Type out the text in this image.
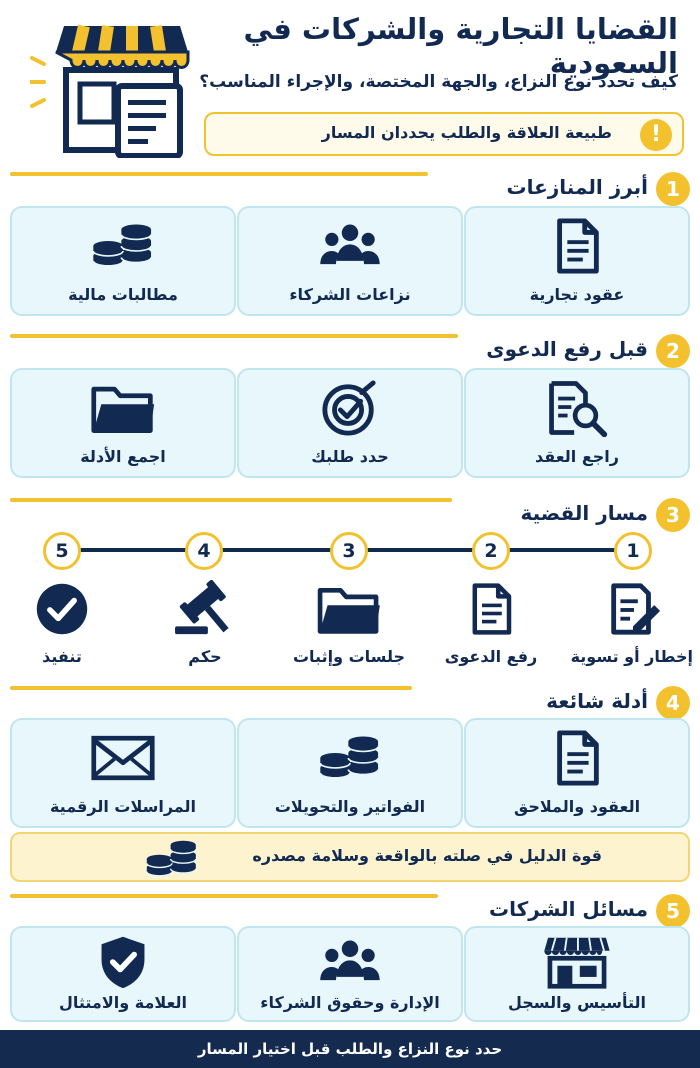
القضايا التجارية والشركات في السعودية
كيف تحدد نوع النزاع، والجهة المختصة، والإجراء المناسب؟
!
طبيعة العلاقة والطلب يحددان المسار
1
أبرز المنازعات
عقود تجارية
نزاعات الشركاء
مطالبات مالية
2
قبل رفع الدعوى
راجع العقد
حدد طلبك
اجمع الأدلة
3
مسار القضية
1
2
3
4
5
إخطار أو تسوية
رفع الدعوى
جلسات وإثبات
حكم
تنفيذ
4
أدلة شائعة
العقود والملاحق
الفواتير والتحويلات
المراسلات الرقمية
قوة الدليل في صلته بالواقعة وسلامة مصدره
5
مسائل الشركات
التأسيس والسجل
الإدارة وحقوق الشركاء
العلامة والامتثال
حدد نوع النزاع والطلب قبل اختيار المسار
